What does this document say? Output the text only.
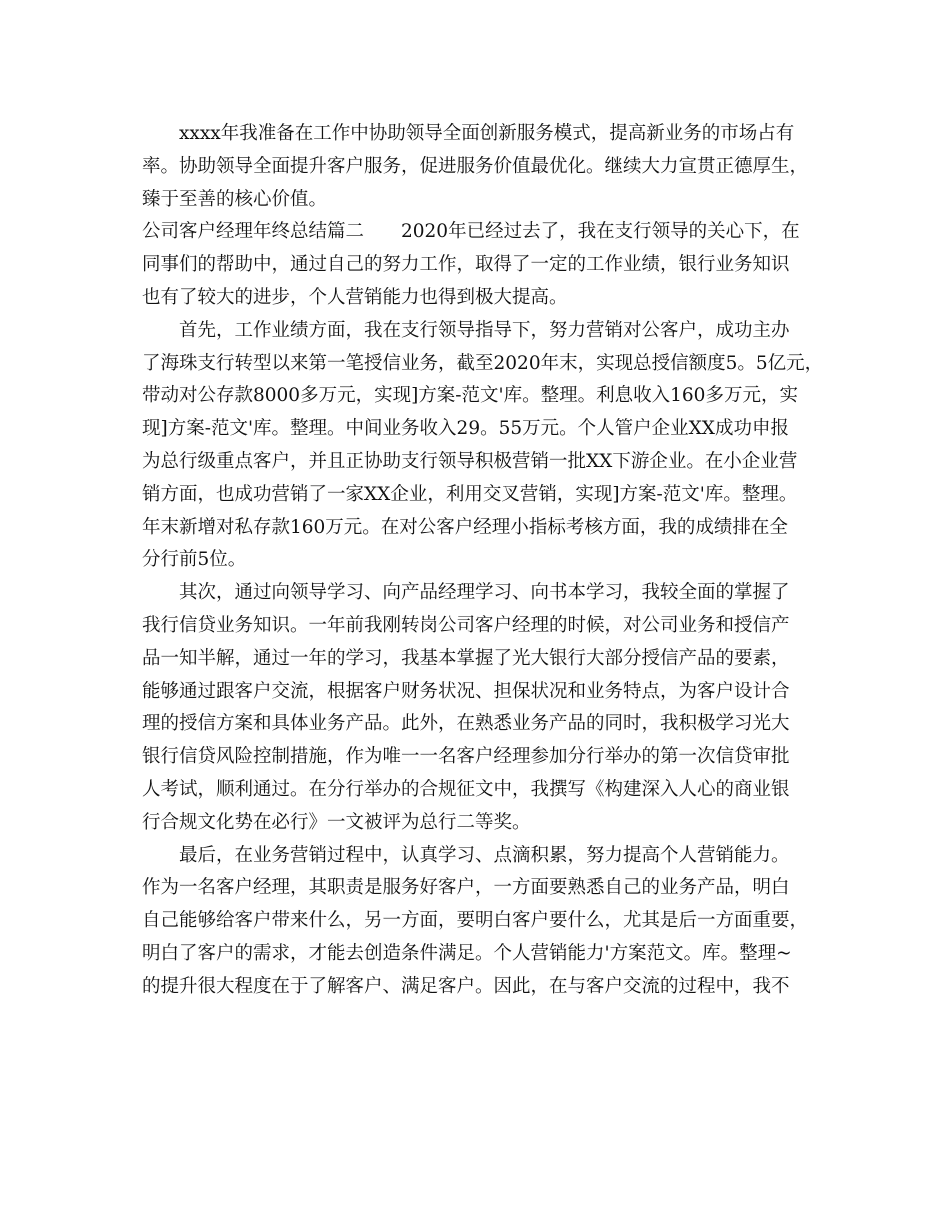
xxxx年我准备在工作中协助领导全面创新服务模式，提高新业务的市场占有
率。协助领导全面提升客户服务，促进服务价值最优化。继续大力宣贯正德厚生，
臻于至善的核心价值。
公司客户经理年终总结篇二　　2020年已经过去了，我在支行领导的关心下，在
同事们的帮助中，通过自己的努力工作，取得了一定的工作业绩，银行业务知识
也有了较大的进步，个人营销能力也得到极大提高。
首先，工作业绩方面，我在支行领导指导下，努力营销对公客户，成功主办
了海珠支行转型以来第一笔授信业务，截至2020年末，实现总授信额度5。5亿元，
带动对公存款8000多万元，实现]方案-范文'库。整理。利息收入160多万元，实
现]方案-范文'库。整理。中间业务收入29。55万元。个人管户企业XX成功申报
为总行级重点客户，并且正协助支行领导积极营销一批XX下游企业。在小企业营
销方面，也成功营销了一家XX企业，利用交叉营销，实现]方案-范文'库。整理。
年末新增对私存款160万元。在对公客户经理小指标考核方面，我的成绩排在全
分行前5位。
其次，通过向领导学习、向产品经理学习、向书本学习，我较全面的掌握了
我行信贷业务知识。一年前我刚转岗公司客户经理的时候，对公司业务和授信产
品一知半解，通过一年的学习，我基本掌握了光大银行大部分授信产品的要素，
能够通过跟客户交流，根据客户财务状况、担保状况和业务特点，为客户设计合
理的授信方案和具体业务产品。此外，在熟悉业务产品的同时，我积极学习光大
银行信贷风险控制措施，作为唯一一名客户经理参加分行举办的第一次信贷审批
人考试，顺利通过。在分行举办的合规征文中，我撰写《构建深入人心的商业银
行合规文化势在必行》一文被评为总行二等奖。
最后，在业务营销过程中，认真学习、点滴积累，努力提高个人营销能力。
作为一名客户经理，其职责是服务好客户，一方面要熟悉自己的业务产品，明白
自己能够给客户带来什么，另一方面，要明白客户要什么，尤其是后一方面重要，
明白了客户的需求，才能去创造条件满足。个人营销能力'方案范文。库。整理~
的提升很大程度在于了解客户、满足客户。因此，在与客户交流的过程中，我不
